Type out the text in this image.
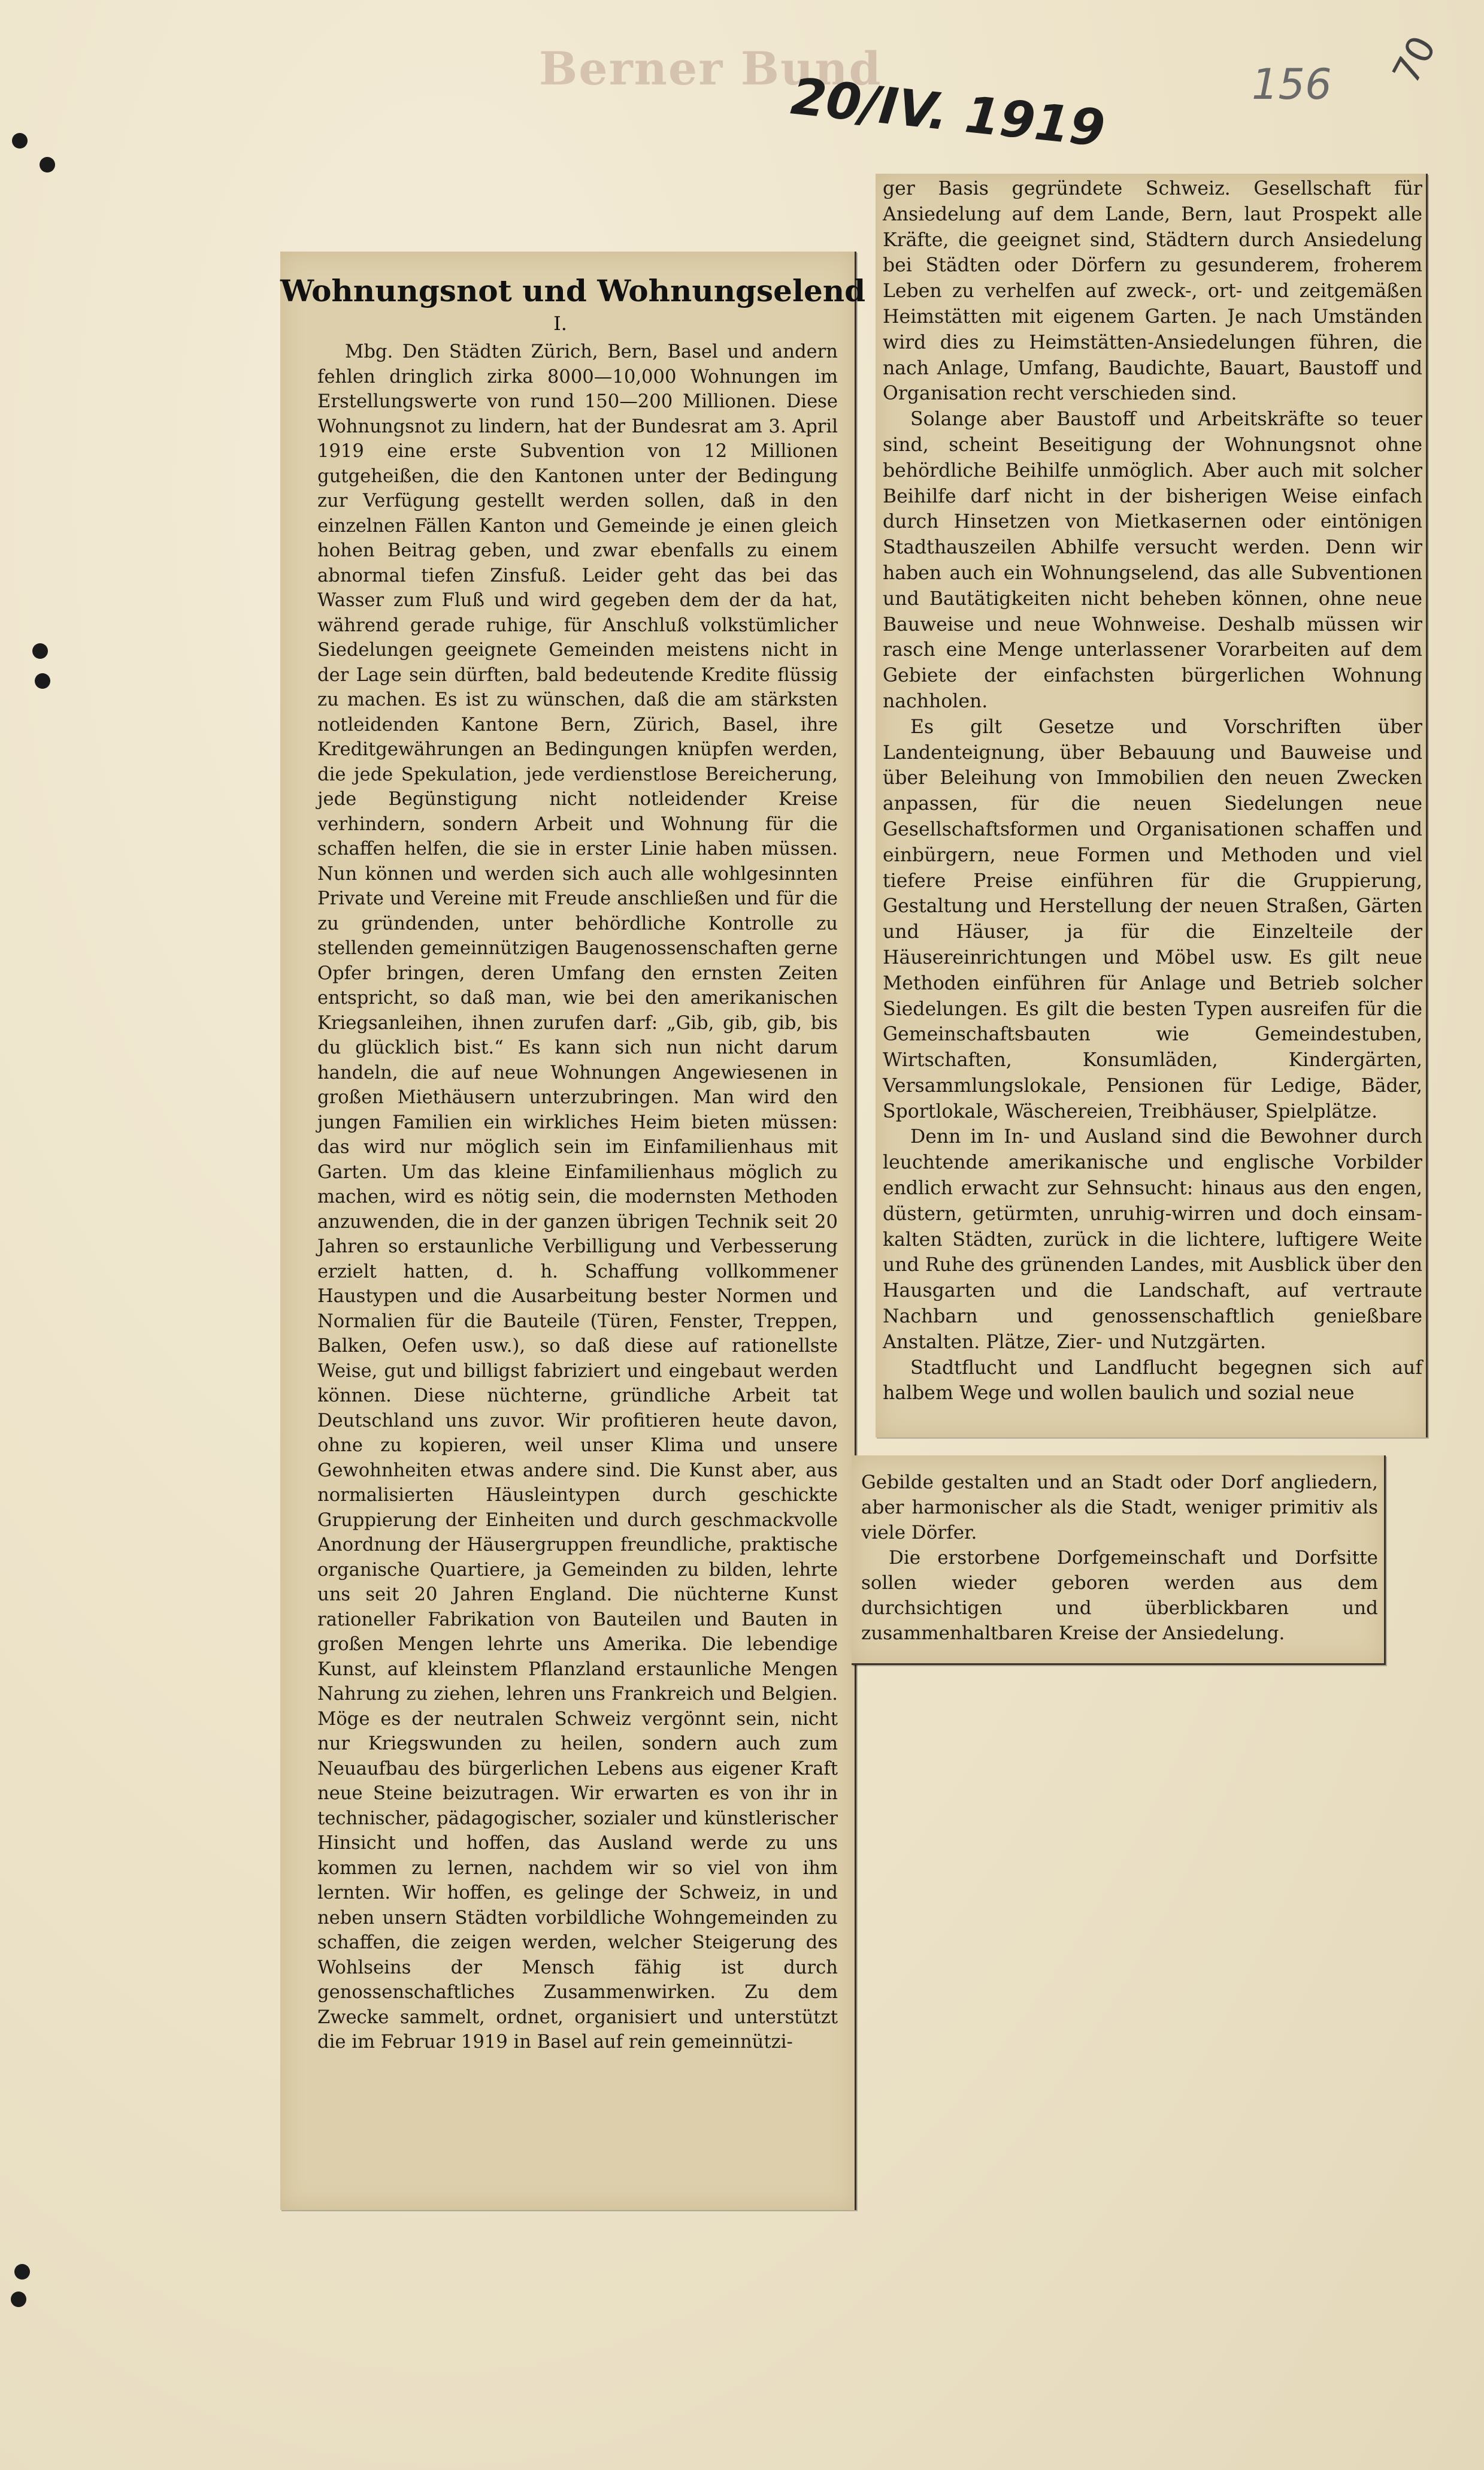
Berner Bund
20/IV. 1919	156	70
Wohnungsnot und Wohnungselend
I.

Mbg. Den Städten Zürich, Bern, Basel und andern fehlen dringlich zirka 8000—10,000 Wohnungen im Erstellungswerte von rund 150—200 Millionen. Diese Wohnungsnot zu lindern, hat der Bundesrat am 3. April 1919 eine erste Subvention von 12 Millionen gutgeheißen, die den Kantonen unter der Bedingung zur Verfügung gestellt werden sollen, daß in den einzelnen Fällen Kanton und Gemeinde je einen gleich hohen Beitrag geben, und zwar ebenfalls zu einem abnormal tiefen Zinsfuß. Leider geht das bei das Wasser zum Fluß und wird gegeben dem der da hat, während gerade ruhige, für Anschluß volkstümlicher Siedelungen geeignete Gemeinden meistens nicht in der Lage sein dürften, bald bedeutende Kredite flüssig zu machen. Es ist zu wünschen, daß die am stärksten notleidenden Kantone Bern, Zürich, Basel, ihre Kreditgewährungen an Bedingungen knüpfen werden, die jede Spekulation, jede verdienstlose Bereicherung, jede Begünstigung nicht notleidender Kreise verhindern, sondern Arbeit und Wohnung für die schaffen helfen, die sie in erster Linie haben müssen. Nun können und werden sich auch alle wohlgesinnten Private und Vereine mit Freude anschließen und für die zu gründenden, unter behördliche Kontrolle zu stellenden gemeinnützigen Baugenossenschaften gerne Opfer bringen, deren Umfang den ernsten Zeiten entspricht, so daß man, wie bei den amerikanischen Kriegsanleihen, ihnen zurufen darf: „Gib, gib, gib, bis du glücklich bist.“ Es kann sich nun nicht darum handeln, die auf neue Wohnungen Angewiesenen in großen Miethäusern unterzubringen. Man wird den jungen Familien ein wirkliches Heim bieten müssen: das wird nur möglich sein im Einfamilienhaus mit Garten. Um das kleine Einfamilienhaus möglich zu machen, wird es nötig sein, die modernsten Methoden anzuwenden, die in der ganzen übrigen Technik seit 20 Jahren so erstaunliche Verbilligung und Verbesserung erzielt hatten, d. h. Schaffung vollkommener Haustypen und die Ausarbeitung bester Normen und Normalien für die Bauteile (Türen, Fenster, Treppen, Balken, Oefen usw.), so daß diese auf rationellste Weise, gut und billigst fabriziert und eingebaut werden können. Diese nüchterne, gründliche Arbeit tat Deutschland uns zuvor. Wir profitieren heute davon, ohne zu kopieren, weil unser Klima und unsere Gewohnheiten etwas andere sind. Die Kunst aber, aus normalisierten Häusleintypen durch geschickte Gruppierung der Einheiten und durch geschmackvolle Anordnung der Häusergruppen freundliche, praktische organische Quartiere, ja Gemeinden zu bilden, lehrte uns seit 20 Jahren England. Die nüchterne Kunst rationeller Fabrikation von Bauteilen und Bauten in großen Mengen lehrte uns Amerika. Die lebendige Kunst, auf kleinstem Pflanzland erstaunliche Mengen Nahrung zu ziehen, lehren uns Frankreich und Belgien. Möge es der neutralen Schweiz vergönnt sein, nicht nur Kriegswunden zu heilen, sondern auch zum Neuaufbau des bürgerlichen Lebens aus eigener Kraft neue Steine beizutragen. Wir erwarten es von ihr in technischer, pädagogischer, sozialer und künstlerischer Hinsicht und hoffen, das Ausland werde zu uns kommen zu lernen, nachdem wir so viel von ihm lernten. Wir hoffen, es gelinge der Schweiz, in und neben unsern Städten vorbildliche Wohngemeinden zu schaffen, die zeigen werden, welcher Steigerung des Wohlseins der Mensch fähig ist durch genossenschaftliches Zusammenwirken. Zu dem Zwecke sammelt, ordnet, organisiert und unterstützt die im Februar 1919 in Basel auf rein gemeinnützi-

ger Basis gegründete Schweiz. Gesellschaft für Ansiedelung auf dem Lande, Bern, laut Prospekt alle Kräfte, die geeignet sind, Städtern durch Ansiedelung bei Städten oder Dörfern zu gesunderem, froherem Leben zu verhelfen auf zweck-, ort- und zeitgemäßen Heimstätten mit eigenem Garten. Je nach Umständen wird dies zu Heimstätten-Ansiedelungen führen, die nach Anlage, Umfang, Baudichte, Bauart, Baustoff und Organisation recht verschieden sind.

Solange aber Baustoff und Arbeitskräfte so teuer sind, scheint Beseitigung der Wohnungsnot ohne behördliche Beihilfe unmöglich. Aber auch mit solcher Beihilfe darf nicht in der bisherigen Weise einfach durch Hinsetzen von Mietkasernen oder eintönigen Stadthauszeilen Abhilfe versucht werden. Denn wir haben auch ein Wohnungselend, das alle Subventionen und Bautätigkeiten nicht beheben können, ohne neue Bauweise und neue Wohnweise. Deshalb müssen wir rasch eine Menge unterlassener Vorarbeiten auf dem Gebiete der einfachsten bürgerlichen Wohnung nachholen.

Es gilt Gesetze und Vorschriften über Landenteignung, über Bebauung und Bauweise und über Beleihung von Immobilien den neuen Zwecken anpassen, für die neuen Siedelungen neue Gesellschaftsformen und Organisationen schaffen und einbürgern, neue Formen und Methoden und viel tiefere Preise einführen für die Gruppierung, Gestaltung und Herstellung der neuen Straßen, Gärten und Häuser, ja für die Einzelteile der Häusereinrichtungen und Möbel usw. Es gilt neue Methoden einführen für Anlage und Betrieb solcher Siedelungen. Es gilt die besten Typen ausreifen für die Gemeinschaftsbauten wie Gemeindestuben, Wirtschaften, Konsumläden, Kindergärten, Versammlungslokale, Pensionen für Ledige, Bäder, Sportlokale, Wäschereien, Treibhäuser, Spielplätze.

Denn im In- und Ausland sind die Bewohner durch leuchtende amerikanische und englische Vorbilder endlich erwacht zur Sehnsucht: hinaus aus den engen, düstern, getürmten, unruhig-wirren und doch einsam-kalten Städten, zurück in die lichtere, luftigere Weite und Ruhe des grünenden Landes, mit Ausblick über den Hausgarten und die Landschaft, auf vertraute Nachbarn und genossenschaftlich genießbare Anstalten. Plätze, Zier- und Nutzgärten.

Stadtflucht und Landflucht begegnen sich auf halbem Wege und wollen baulich und sozial neue

Gebilde gestalten und an Stadt oder Dorf angliedern, aber harmonischer als die Stadt, weniger primitiv als viele Dörfer.

Die erstorbene Dorfgemeinschaft und Dorfsitte sollen wieder geboren werden aus dem durchsichtigen und überblickbaren und zusammenhaltbaren Kreise der Ansiedelung.
